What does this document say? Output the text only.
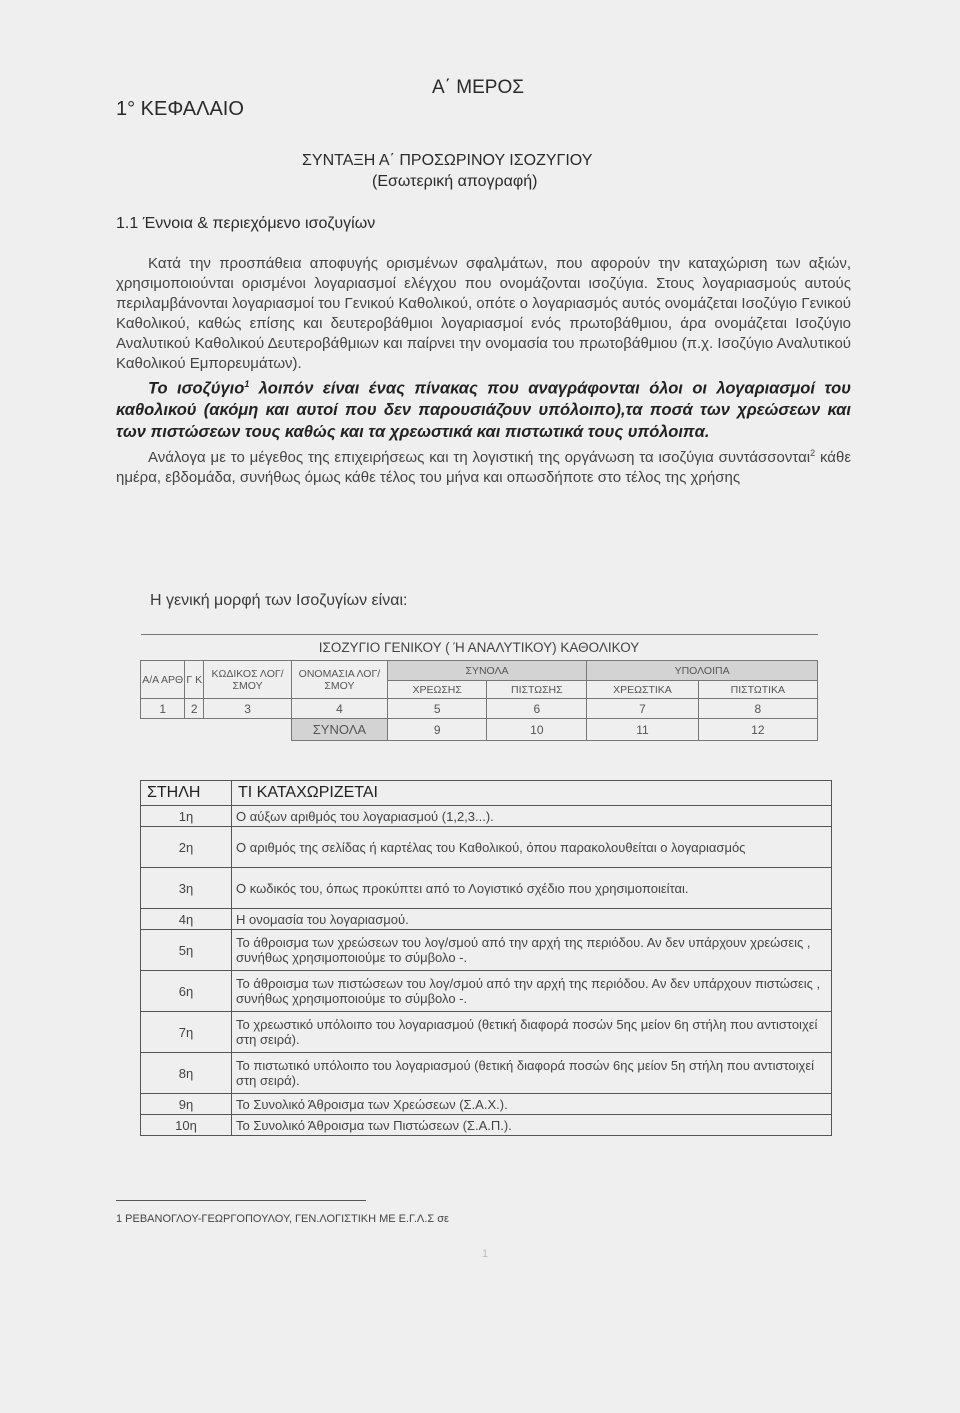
1° ΚΕΦΑΛΑΙΟ
Α΄ ΜΕΡΟΣ
ΣΥΝΤΑΞΗ Α΄ ΠΡΟΣΩΡΙΝΟΥ ΙΣΟΖΥΓΙΟΥ
(Εσωτερική απογραφή)
1.1 Έννοια & περιεχόμενο ισοζυγίων

Κατά την προσπάθεια αποφυγής ορισμένων σφαλμάτων, που αφορούν την καταχώριση των αξιών, χρησιμοποιούνται ορισμένοι λογαριασμοί ελέγχου που ονομάζονται ισοζύγια. Στους λογαριασμούς αυτούς περιλαμβάνονται λογαριασμοί του Γενικού Καθολικού, οπότε ο λογαριασμός αυτός ονομάζεται Ισοζύγιο Γενικού Καθολικού, καθώς επίσης και δευτεροβάθμιοι λογαριασμοί ενός πρωτοβάθμιου, άρα ονομάζεται Ισοζύγιο Αναλυτικού Καθολικού Δευτεροβάθμιων και παίρνει την ονομασία του πρωτοβάθμιου (π.χ. Ισοζύγιο Αναλυτικού Καθολικού Εμπορευμάτων).

Το ισοζύγιο$^1$ λοιπόν είναι ένας πίνακας που αναγράφονται όλοι οι λογαριασμοί του καθολικού (ακόμη και αυτοί που δεν παρουσιάζουν υπόλοιπο),τα ποσά των χρεώσεων και των πιστώσεων τους καθώς και τα χρεωστικά και πιστωτικά τους υπόλοιπα.

Ανάλογα με το μέγεθος της επιχειρήσεως και τη λογιστική της οργάνωση τα ισοζύγια συντάσσονται$^2$ κάθε ημέρα, εβδομάδα, συνήθως όμως κάθε τέλος του μήνα και οπωσδήποτε στο τέλος της χρήσης

Η γενική μορφή των Ισοζυγίων είναι:
ΙΣΟΖΥΓΙΟ ΓΕΝΙΚΟΥ ( Ή ΑΝΑΛΥΤΙΚΟΥ) ΚΑΘΟΛΙΚΟΥ							
Α/Α ΑΡΘ	Γ Κ	ΚΩΔΙΚΟΣ ΛΟΓ/ΣΜΟΥ	ΟΝΟΜΑΣΙΑ ΛΟΓ/ΣΜΟΥ	ΣΥΝΟΛΑ		ΥΠΟΛΟΙΠΑ	
				ΧΡΕΩΣΗΣ	ΠΙΣΤΩΣΗΣ	ΧΡΕΩΣΤΙΚΑ	ΠΙΣΤΩΤΙΚΑ
1	2	3	4	5	6	7	8
			ΣΥΝΟΛΑ	9	10	11	12
ΣΤΗΛΗ	ΤΙ ΚΑΤΑΧΩΡΙΖΕΤΑΙ
1η	Ο αύξων αριθμός του λογαριασμού (1,2,3...).
2η	Ο αριθμός της σελίδας ή καρτέλας του Καθολικού, όπου παρακολουθείται ο λογαριασμός
3η	Ο κωδικός του, όπως προκύπτει από το Λογιστικό σχέδιο που χρησιμοποιείται.
4η	Η ονομασία του λογαριασμού.
5η	Το άθροισμα των χρεώσεων του λογ/σμού από την αρχή της περιόδου. Αν δεν υπάρχουν χρεώσεις , συνήθως χρησιμοποιούμε το σύμβολο -.
6η	Το άθροισμα των πιστώσεων του λογ/σμού από την αρχή της περιόδου. Αν δεν υπάρχουν πιστώσεις , συνήθως χρησιμοποιούμε το σύμβολο -.
7η	Το χρεωστικό υπόλοιπο του λογαριασμού (θετική διαφορά ποσών 5ης μείον 6η στήλη που αντιστοιχεί στη σειρά).
8η	Το πιστωτικό υπόλοιπο του λογαριασμού (θετική διαφορά ποσών 6ης μείον 5η στήλη που αντιστοιχεί στη σειρά).
9η	Το Συνολικό Άθροισμα των Χρεώσεων (Σ.Α.Χ.).
10η	Το Συνολικό Άθροισμα των Πιστώσεων (Σ.Α.Π.).
1 ΡΕΒΑΝΟΓΛΟΥ-ΓΕΩΡΓΟΠΟΥΛΟΥ, ΓΕΝ.ΛΟΓΙΣΤΙΚΗ ΜΕ Ε.Γ.Λ.Σ σε
1
